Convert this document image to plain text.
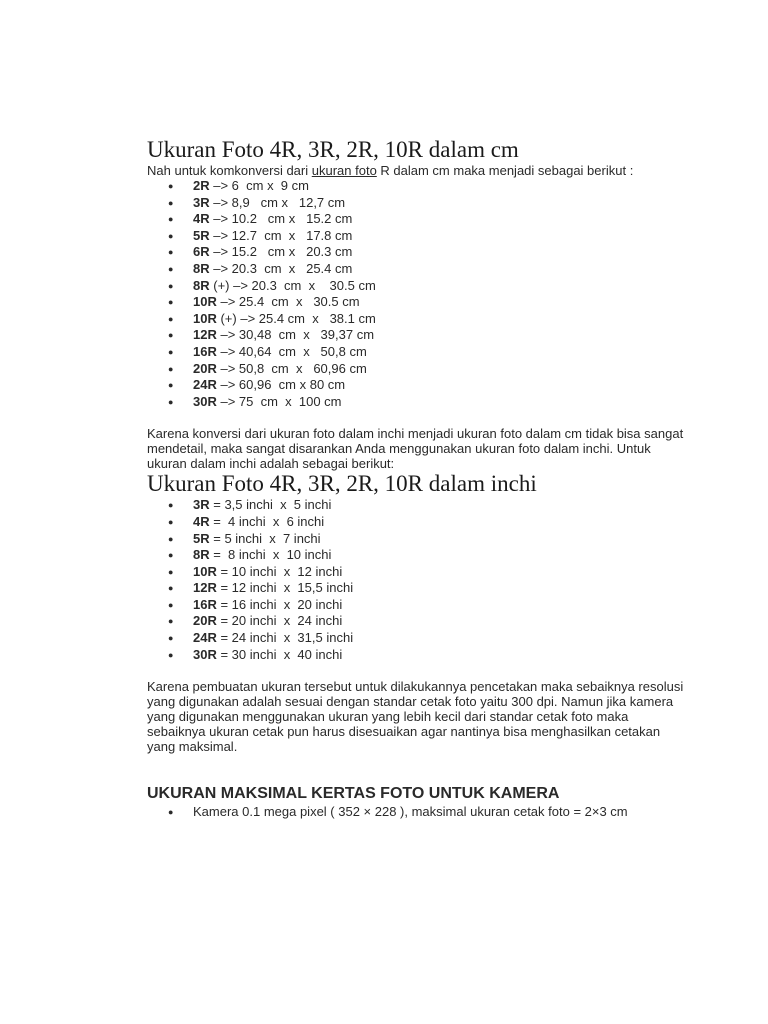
Ukuran Foto 4R, 3R, 2R, 10R dalam cm

Nah untuk komkonversi dari ukuran foto R dalam cm maka menjadi sebagai berikut :

● 2R –> 6  cm x  9 cm
● 3R –> 8,9   cm x   12,7 cm
● 4R –> 10.2   cm x   15.2 cm
● 5R –> 12.7  cm  x   17.8 cm
● 6R –> 15.2   cm x   20.3 cm
● 8R –> 20.3  cm  x   25.4 cm
● 8R (+) –> 20.3  cm  x    30.5 cm
● 10R –> 25.4  cm  x   30.5 cm
● 10R (+) –> 25.4 cm  x   38.1 cm
● 12R –> 30,48  cm  x   39,37 cm
● 16R –> 40,64  cm  x   50,8 cm
● 20R –> 50,8  cm  x   60,96 cm
● 24R –> 60,96  cm x 80 cm
● 30R –> 75  cm  x  100 cm

Karena konversi dari ukuran foto dalam inchi menjadi ukuran foto dalam cm tidak bisa sangat mendetail, maka sangat disarankan Anda menggunakan ukuran foto dalam inchi. Untuk ukuran dalam inchi adalah sebagai berikut:

Ukuran Foto 4R, 3R, 2R, 10R dalam inchi
● 3R = 3,5 inchi  x  5 inchi
● 4R =  4 inchi  x  6 inchi
● 5R = 5 inchi  x  7 inchi
● 8R =  8 inchi  x  10 inchi
● 10R = 10 inchi  x  12 inchi
● 12R = 12 inchi  x  15,5 inchi
● 16R = 16 inchi  x  20 inchi
● 20R = 20 inchi  x  24 inchi
● 24R = 24 inchi  x  31,5 inchi
● 30R = 30 inchi  x  40 inchi

Karena pembuatan ukuran tersebut untuk dilakukannya pencetakan maka sebaiknya resolusi yang digunakan adalah sesuai dengan standar cetak foto yaitu 300 dpi. Namun jika kamera yang digunakan menggunakan ukuran yang lebih kecil dari standar cetak foto maka sebaiknya ukuran cetak pun harus disesuaikan agar nantinya bisa menghasilkan cetakan yang maksimal.

UKURAN MAKSIMAL KERTAS FOTO UNTUK KAMERA
● Kamera 0.1 mega pixel ( 352 × 228 ), maksimal ukuran cetak foto = 2×3 cm
